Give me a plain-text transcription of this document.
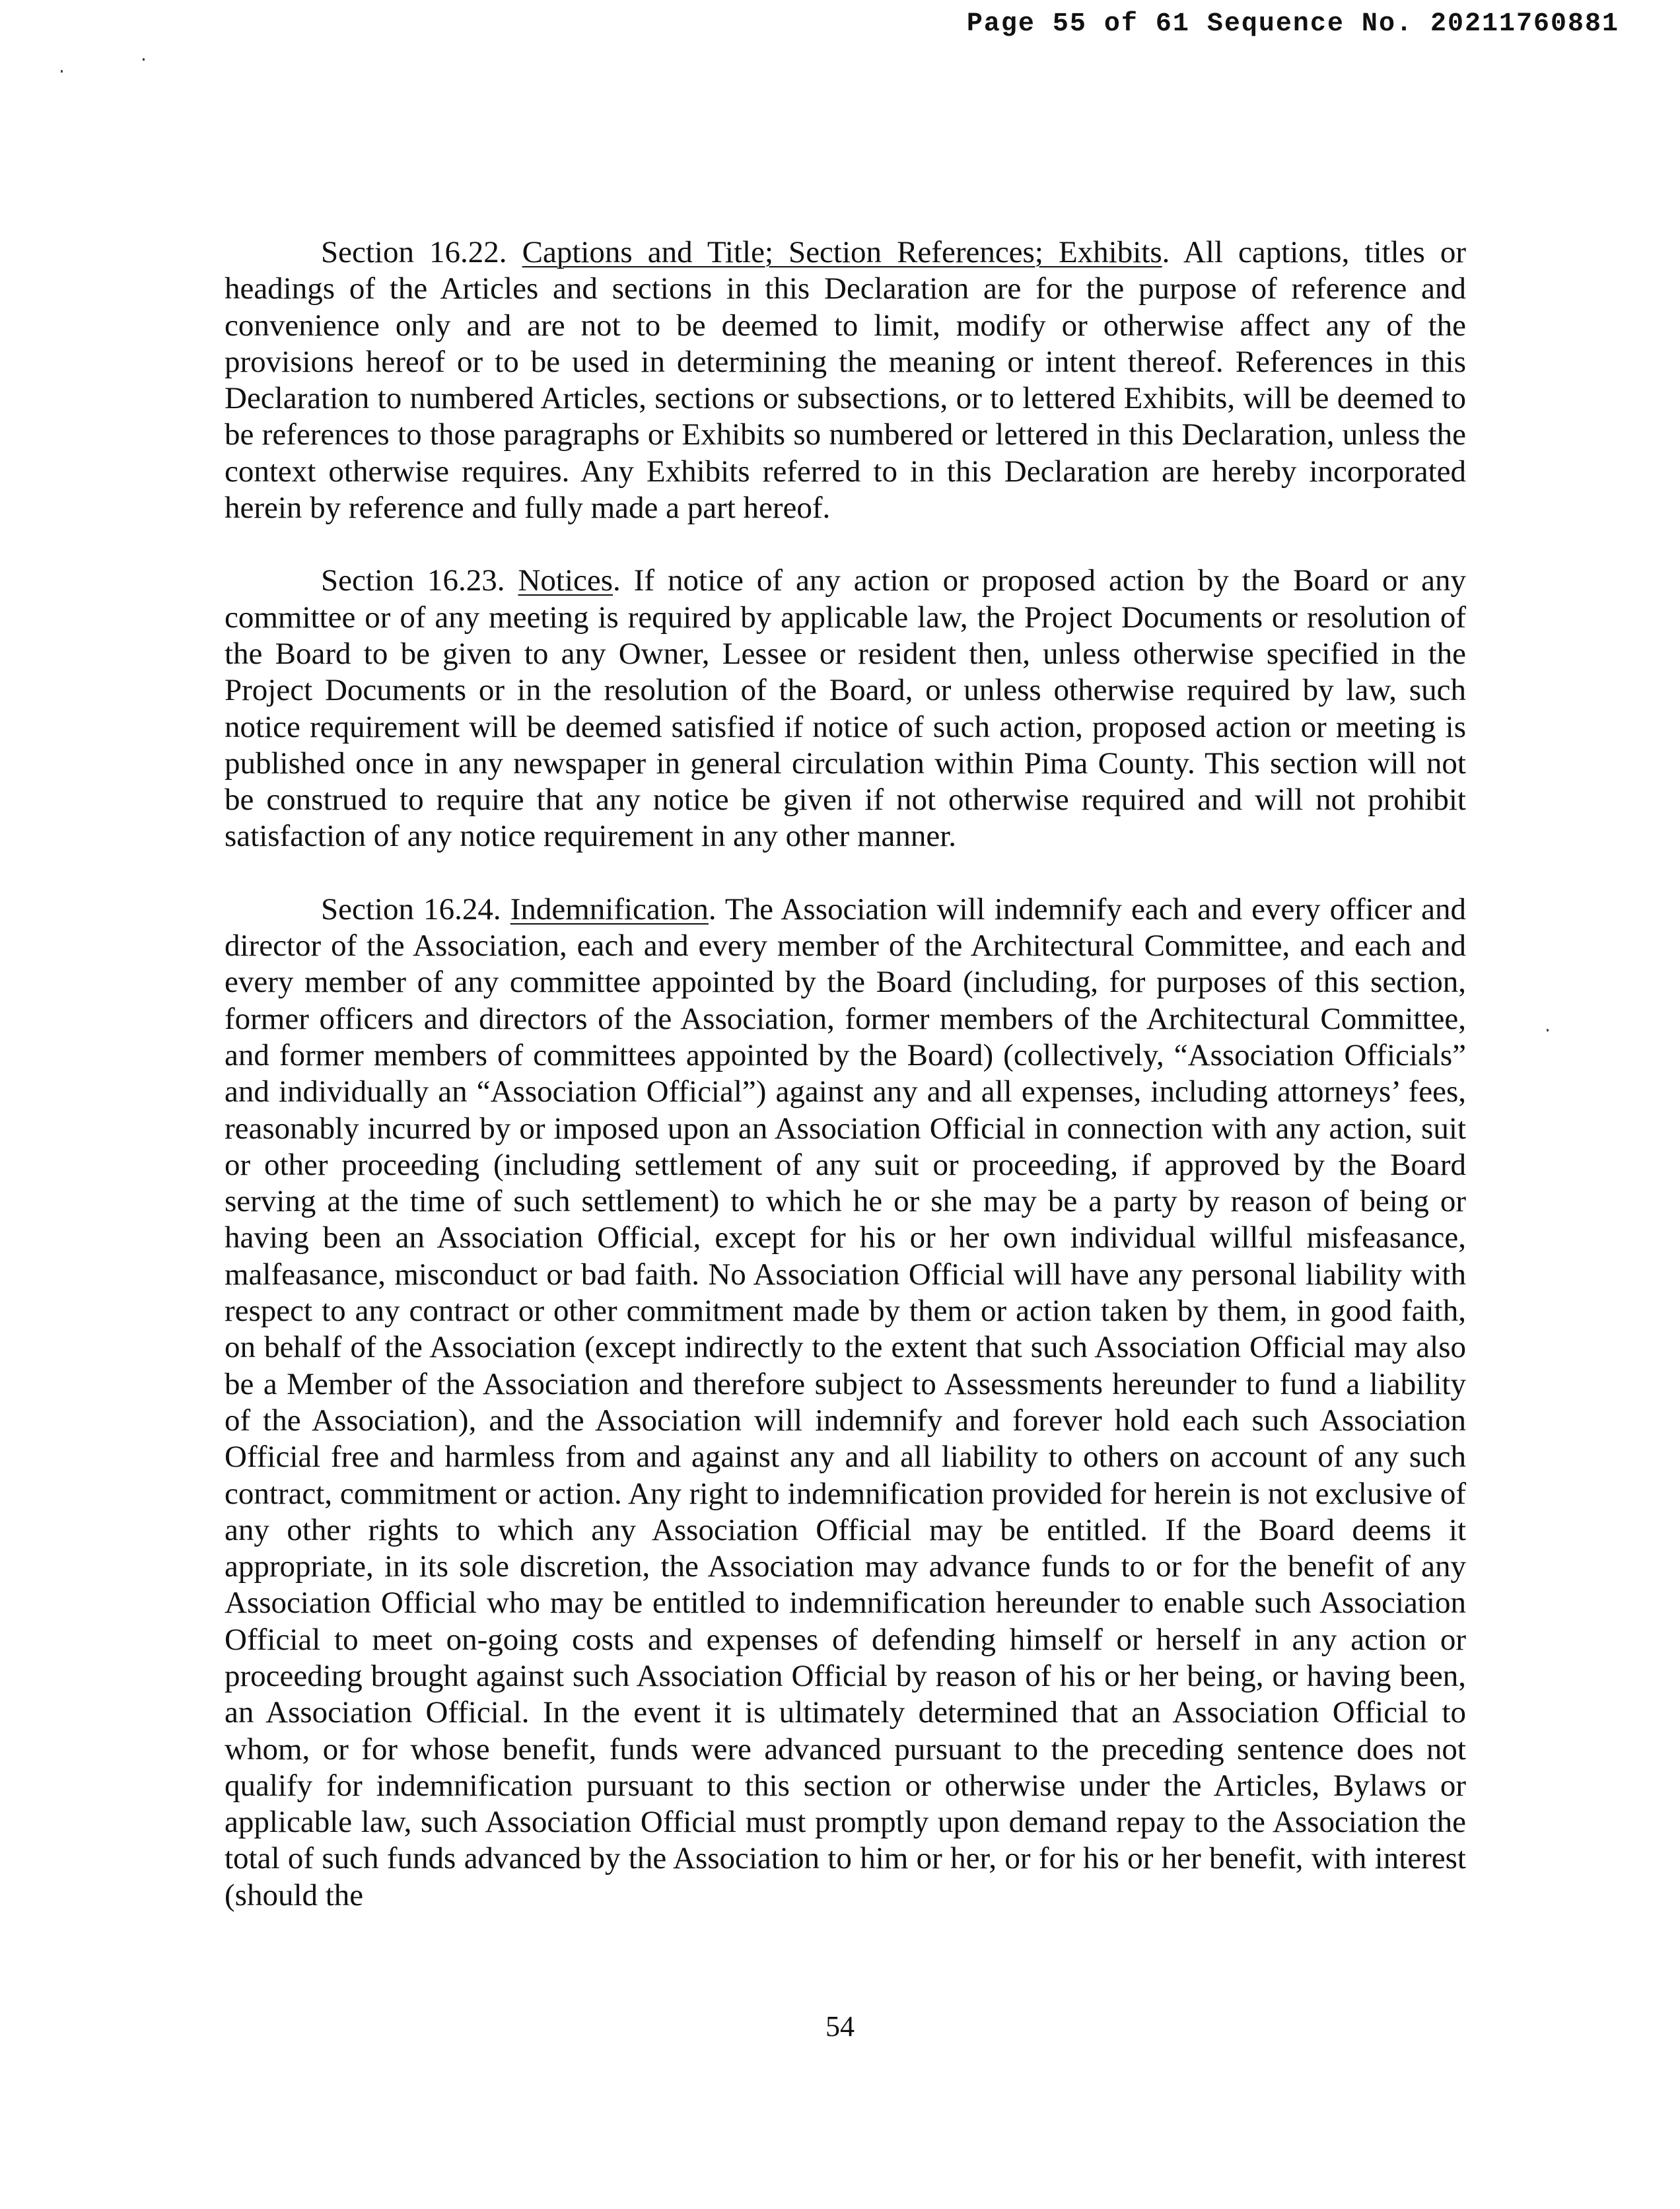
Page 55 of 61 Sequence No. 20211760881

Section 16.22. Captions and Title; Section References; Exhibits. All captions, titles or headings of the Articles and sections in this Declaration are for the purpose of reference and convenience only and are not to be deemed to limit, modify or otherwise affect any of the provisions hereof or to be used in determining the meaning or intent thereof. References in this Declaration to numbered Articles, sections or subsections, or to lettered Exhibits, will be deemed to be references to those paragraphs or Exhibits so numbered or lettered in this Declaration, unless the context otherwise requires. Any Exhibits referred to in this Declaration are hereby incorporated herein by reference and fully made a part hereof.

Section 16.23. Notices. If notice of any action or proposed action by the Board or any committee or of any meeting is required by applicable law, the Project Documents or resolution of the Board to be given to any Owner, Lessee or resident then, unless otherwise specified in the Project Documents or in the resolution of the Board, or unless otherwise required by law, such notice requirement will be deemed satisfied if notice of such action, proposed action or meeting is published once in any newspaper in general circulation within Pima County. This section will not be construed to require that any notice be given if not otherwise required and will not prohibit satisfaction of any notice requirement in any other manner.

Section 16.24. Indemnification. The Association will indemnify each and every officer and director of the Association, each and every member of the Architectural Committee, and each and every member of any committee appointed by the Board (including, for purposes of this section, former officers and directors of the Association, former members of the Architectural Committee, and former members of committees appointed by the Board) (collectively, “Association Officials” and individually an “Association Official”) against any and all expenses, including attorneys’ fees, reasonably incurred by or imposed upon an Association Official in connection with any action, suit or other proceeding (including settlement of any suit or proceeding, if approved by the Board serving at the time of such settlement) to which he or she may be a party by reason of being or having been an Association Official, except for his or her own individual willful misfeasance, malfeasance, misconduct or bad faith. No Association Official will have any personal liability with respect to any contract or other commitment made by them or action taken by them, in good faith, on behalf of the Association (except indirectly to the extent that such Association Official may also be a Member of the Association and therefore subject to Assessments hereunder to fund a liability of the Association), and the Association will indemnify and forever hold each such Association Official free and harmless from and against any and all liability to others on account of any such contract, commitment or action. Any right to indemnification provided for herein is not exclusive of any other rights to which any Association Official may be entitled. If the Board deems it appropriate, in its sole discretion, the Association may advance funds to or for the benefit of any Association Official who may be entitled to indemnification hereunder to enable such Association Official to meet on-going costs and expenses of defending himself or herself in any action or proceeding brought against such Association Official by reason of his or her being, or having been, an Association Official. In the event it is ultimately determined that an Association Official to whom, or for whose benefit, funds were advanced pursuant to the preceding sentence does not qualify for indemnification pursuant to this section or otherwise under the Articles, Bylaws or applicable law, such Association Official must promptly upon demand repay to the Association the total of such funds advanced by the Association to him or her, or for his or her benefit, with interest (should the

54
